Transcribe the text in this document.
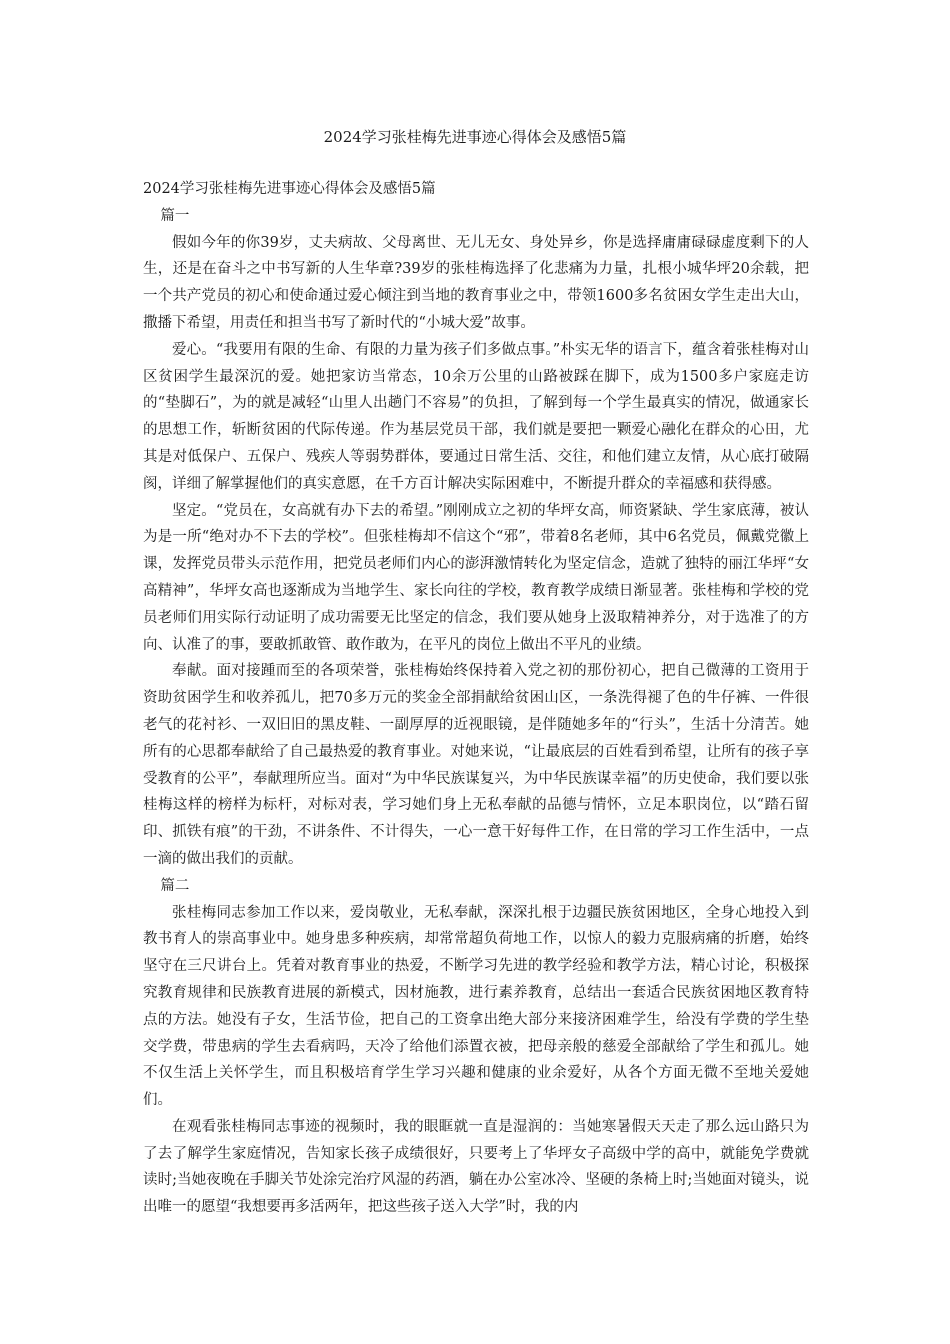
2024学习张桂梅先进事迹心得体会及感悟5篇

2024学习张桂梅先进事迹心得体会及感悟5篇

篇一

假如今年的你39岁，丈夫病故、父母离世、无儿无女、身处异乡，你是选择庸庸碌碌虚度剩下的人生，还是在奋斗之中书写新的人生华章?39岁的张桂梅选择了化悲痛为力量，扎根小城华坪20余载，把一个共产党员的初心和使命通过爱心倾注到当地的教育事业之中，带领1600多名贫困女学生走出大山，撒播下希望，用责任和担当书写了新时代的“小城大爱”故事。

爱心。“我要用有限的生命、有限的力量为孩子们多做点事。”朴实无华的语言下，蕴含着张桂梅对山区贫困学生最深沉的爱。她把家访当常态，10余万公里的山路被踩在脚下，成为1500多户家庭走访的“垫脚石”，为的就是减轻“山里人出趟门不容易”的负担，了解到每一个学生最真实的情况，做通家长的思想工作，斩断贫困的代际传递。作为基层党员干部，我们就是要把一颗爱心融化在群众的心田，尤其是对低保户、五保户、残疾人等弱势群体，要通过日常生活、交往，和他们建立友情，从心底打破隔阂，详细了解掌握他们的真实意愿，在千方百计解决实际困难中，不断提升群众的幸福感和获得感。

坚定。“党员在，女高就有办下去的希望。”刚刚成立之初的华坪女高，师资紧缺、学生家底薄，被认为是一所“绝对办不下去的学校”。但张桂梅却不信这个“邪”，带着8名老师，其中6名党员，佩戴党徽上课，发挥党员带头示范作用，把党员老师们内心的澎湃激情转化为坚定信念，造就了独特的丽江华坪“女高精神”，华坪女高也逐渐成为当地学生、家长向往的学校，教育教学成绩日渐显著。张桂梅和学校的党员老师们用实际行动证明了成功需要无比坚定的信念，我们要从她身上汲取精神养分，对于选准了的方向、认准了的事，要敢抓敢管、敢作敢为，在平凡的岗位上做出不平凡的业绩。

奉献。面对接踵而至的各项荣誉，张桂梅始终保持着入党之初的那份初心，把自己微薄的工资用于资助贫困学生和收养孤儿，把70多万元的奖金全部捐献给贫困山区，一条洗得褪了色的牛仔裤、一件很老气的花衬衫、一双旧旧的黑皮鞋、一副厚厚的近视眼镜，是伴随她多年的“行头”，生活十分清苦。她所有的心思都奉献给了自己最热爱的教育事业。对她来说，“让最底层的百姓看到希望，让所有的孩子享受教育的公平”，奉献理所应当。面对“为中华民族谋复兴，为中华民族谋幸福”的历史使命，我们要以张桂梅这样的榜样为标杆，对标对表，学习她们身上无私奉献的品德与情怀，立足本职岗位，以“踏石留印、抓铁有痕”的干劲，不讲条件、不计得失，一心一意干好每件工作，在日常的学习工作生活中，一点一滴的做出我们的贡献。

篇二

张桂梅同志参加工作以来，爱岗敬业，无私奉献，深深扎根于边疆民族贫困地区，全身心地投入到教书育人的崇高事业中。她身患多种疾病，却常常超负荷地工作，以惊人的毅力克服病痛的折磨，始终坚守在三尺讲台上。凭着对教育事业的热爱，不断学习先进的教学经验和教学方法，精心讨论，积极探究教育规律和民族教育进展的新模式，因材施教，进行素养教育，总结出一套适合民族贫困地区教育特点的方法。她没有子女，生活节俭，把自己的工资拿出绝大部分来接济困难学生，给没有学费的学生垫交学费，带患病的学生去看病吗，天冷了给他们添置衣被，把母亲般的慈爱全部献给了学生和孤儿。她不仅生活上关怀学生，而且积极培育学生学习兴趣和健康的业余爱好，从各个方面无微不至地关爱她们。

在观看张桂梅同志事迹的视频时，我的眼眶就一直是湿润的：当她寒暑假天天走了那么远山路只为了去了解学生家庭情况，告知家长孩子成绩很好，只要考上了华坪女子高级中学的高中，就能免学费就读时;当她夜晚在手脚关节处涂完治疗风湿的药酒，躺在办公室冰冷、坚硬的条椅上时;当她面对镜头，说出唯一的愿望“我想要再多活两年，把这些孩子送入大学”时，我的内
